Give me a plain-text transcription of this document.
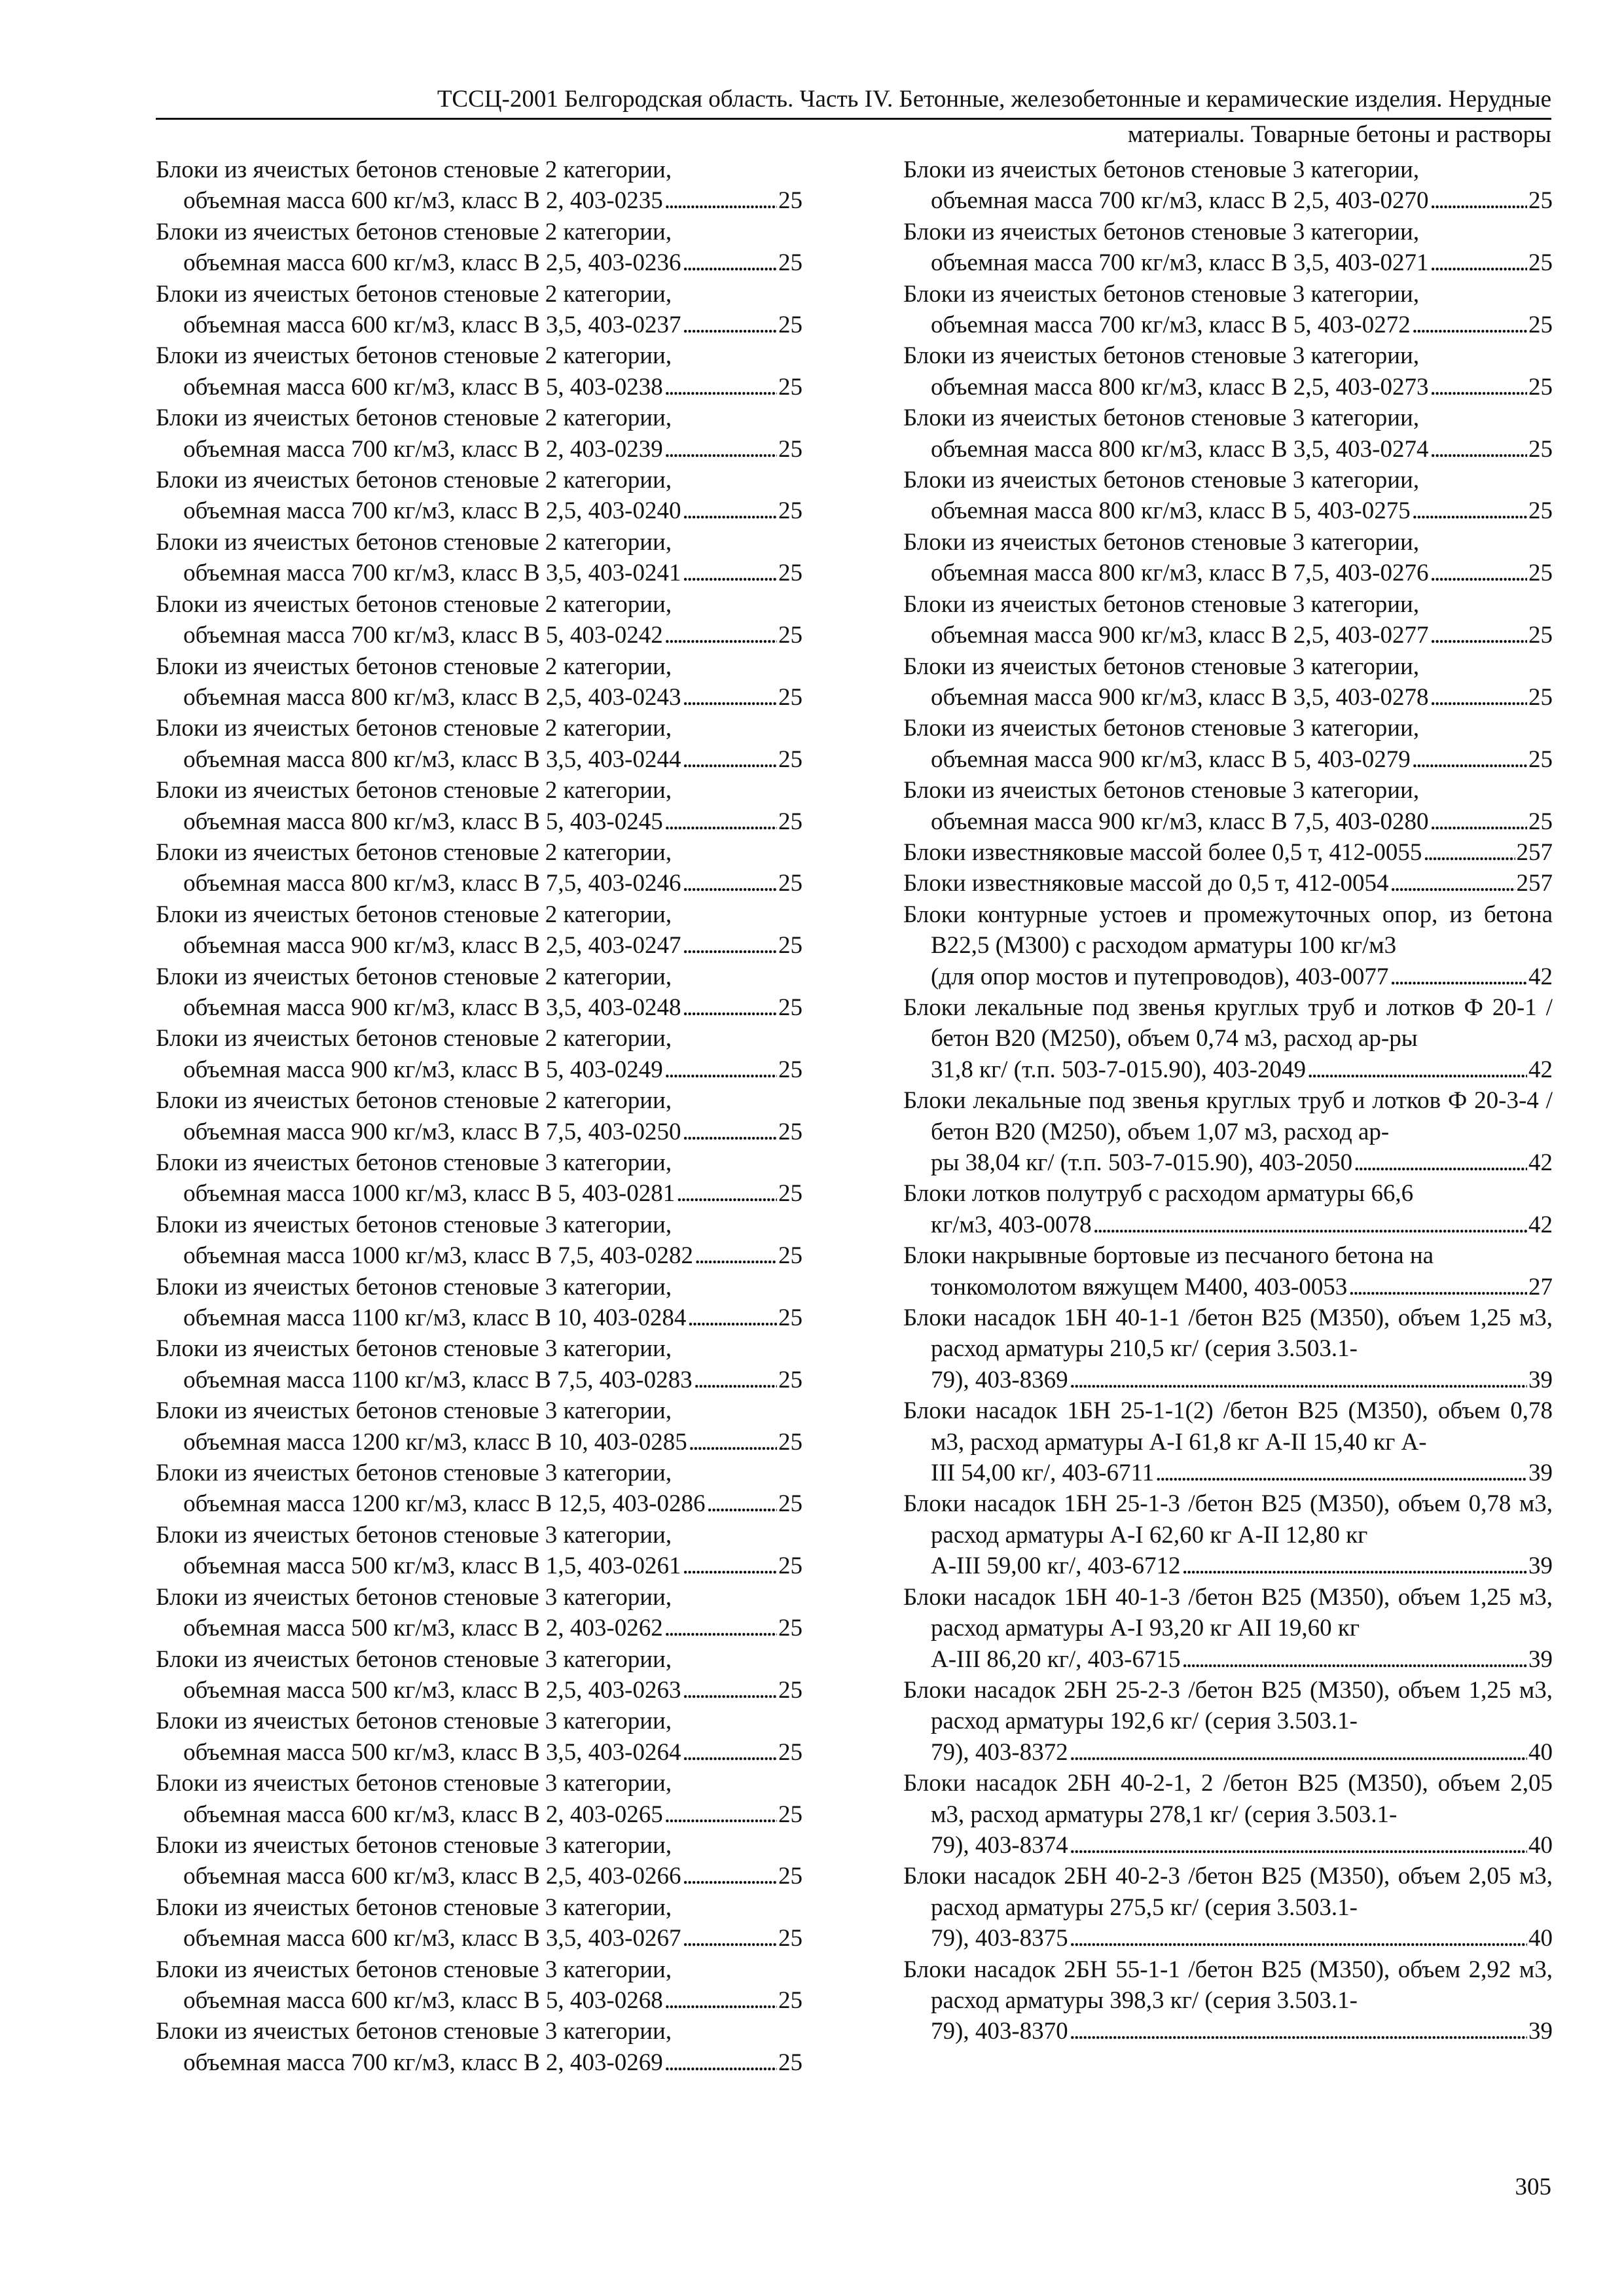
ТССЦ-2001 Белгородская область. Часть IV. Бетонные, железобетонные и керамические изделия. Нерудные
материалы. Товарные бетоны и растворы
Блоки из ячеистых бетонов стеновые 2 категории,
объемная масса 600 кг/м3, класс В 2, 403-0235 . . .	25
Блоки из ячеистых бетонов стеновые 2 категории,
объемная масса 600 кг/м3, класс В 2,5, 403-0236 . . .	25
Блоки из ячеистых бетонов стеновые 2 категории,
объемная масса 600 кг/м3, класс В 3,5, 403-0237 . . .	25
Блоки из ячеистых бетонов стеновые 2 категории,
объемная масса 600 кг/м3, класс В 5, 403-0238 . . .	25
Блоки из ячеистых бетонов стеновые 2 категории,
объемная масса 700 кг/м3, класс В 2, 403-0239 . . .	25
Блоки из ячеистых бетонов стеновые 2 категории,
объемная масса 700 кг/м3, класс В 2,5, 403-0240 . . .	25
Блоки из ячеистых бетонов стеновые 2 категории,
объемная масса 700 кг/м3, класс В 3,5, 403-0241 . . .	25
Блоки из ячеистых бетонов стеновые 2 категории,
объемная масса 700 кг/м3, класс В 5, 403-0242 . . .	25
Блоки из ячеистых бетонов стеновые 2 категории,
объемная масса 800 кг/м3, класс В 2,5, 403-0243 . . .	25
Блоки из ячеистых бетонов стеновые 2 категории,
объемная масса 800 кг/м3, класс В 3,5, 403-0244 . . .	25
Блоки из ячеистых бетонов стеновые 2 категории,
объемная масса 800 кг/м3, класс В 5, 403-0245 . . .	25
Блоки из ячеистых бетонов стеновые 2 категории,
объемная масса 800 кг/м3, класс В 7,5, 403-0246 . . .	25
Блоки из ячеистых бетонов стеновые 2 категории,
объемная масса 900 кг/м3, класс В 2,5, 403-0247 . . .	25
Блоки из ячеистых бетонов стеновые 2 категории,
объемная масса 900 кг/м3, класс В 3,5, 403-0248 . . .	25
Блоки из ячеистых бетонов стеновые 2 категории,
объемная масса 900 кг/м3, класс В 5, 403-0249 . . .	25
Блоки из ячеистых бетонов стеновые 2 категории,
объемная масса 900 кг/м3, класс В 7,5, 403-0250 . . .	25
Блоки из ячеистых бетонов стеновые 3 категории,
объемная масса 1000 кг/м3, класс В 5, 403-0281 . . .	25
Блоки из ячеистых бетонов стеновые 3 категории,
объемная масса 1000 кг/м3, класс В 7,5, 403-0282 . . .	25
Блоки из ячеистых бетонов стеновые 3 категории,
объемная масса 1100 кг/м3, класс В 10, 403-0284 . . .	25
Блоки из ячеистых бетонов стеновые 3 категории,
объемная масса 1100 кг/м3, класс В 7,5, 403-0283 . . .	25
Блоки из ячеистых бетонов стеновые 3 категории,
объемная масса 1200 кг/м3, класс В 10, 403-0285 . . .	25
Блоки из ячеистых бетонов стеновые 3 категории,
объемная масса 1200 кг/м3, класс В 12,5, 403-0286 . . .	25
Блоки из ячеистых бетонов стеновые 3 категории,
объемная масса 500 кг/м3, класс В 1,5, 403-0261 . . .	25
Блоки из ячеистых бетонов стеновые 3 категории,
объемная масса 500 кг/м3, класс В 2, 403-0262 . . .	25
Блоки из ячеистых бетонов стеновые 3 категории,
объемная масса 500 кг/м3, класс В 2,5, 403-0263 . . .	25
Блоки из ячеистых бетонов стеновые 3 категории,
объемная масса 500 кг/м3, класс В 3,5, 403-0264 . . .	25
Блоки из ячеистых бетонов стеновые 3 категории,
объемная масса 600 кг/м3, класс В 2, 403-0265 . . .	25
Блоки из ячеистых бетонов стеновые 3 категории,
объемная масса 600 кг/м3, класс В 2,5, 403-0266 . . .	25
Блоки из ячеистых бетонов стеновые 3 категории,
объемная масса 600 кг/м3, класс В 3,5, 403-0267 . . .	25
Блоки из ячеистых бетонов стеновые 3 категории,
объемная масса 600 кг/м3, класс В 5, 403-0268 . . .	25
Блоки из ячеистых бетонов стеновые 3 категории,
объемная масса 700 кг/м3, класс В 2, 403-0269 . . .	25
Блоки из ячеистых бетонов стеновые 3 категории,
объемная масса 700 кг/м3, класс В 2,5, 403-0270 . . .	25
Блоки из ячеистых бетонов стеновые 3 категории,
объемная масса 700 кг/м3, класс В 3,5, 403-0271 . . .	25
Блоки из ячеистых бетонов стеновые 3 категории,
объемная масса 700 кг/м3, класс В 5, 403-0272 . . .	25
Блоки из ячеистых бетонов стеновые 3 категории,
объемная масса 800 кг/м3, класс В 2,5, 403-0273 . . .	25
Блоки из ячеистых бетонов стеновые 3 категории,
объемная масса 800 кг/м3, класс В 3,5, 403-0274 . . .	25
Блоки из ячеистых бетонов стеновые 3 категории,
объемная масса 800 кг/м3, класс В 5, 403-0275 . . .	25
Блоки из ячеистых бетонов стеновые 3 категории,
объемная масса 800 кг/м3, класс В 7,5, 403-0276 . . .	25
Блоки из ячеистых бетонов стеновые 3 категории,
объемная масса 900 кг/м3, класс В 2,5, 403-0277 . . .	25
Блоки из ячеистых бетонов стеновые 3 категории,
объемная масса 900 кг/м3, класс В 3,5, 403-0278 . . .	25
Блоки из ячеистых бетонов стеновые 3 категории,
объемная масса 900 кг/м3, класс В 5, 403-0279 . . .	25
Блоки из ячеистых бетонов стеновые 3 категории,
объемная масса 900 кг/м3, класс В 7,5, 403-0280 . . .	25
Блоки известняковые массой более 0,5 т, 412-0055 . . .	257
Блоки известняковые массой до 0,5 т, 412-0054 . . .	257
Блоки контурные устоев и промежуточных опор, из бетона В22,5 (М300) с расходом арматуры 100 кг/м3
(для опор мостов и путепроводов), 403-0077 . . .	42
Блоки лекальные под звенья круглых труб и лотков Ф 20-1 /бетон В20 (М250), объем 0,74 м3, расход ар-ры
31,8 кг/ (т.п. 503-7-015.90), 403-2049 . . .	42
Блоки лекальные под звенья круглых труб и лотков Ф 20-3-4 /бетон В20 (М250), объем 1,07 м3, расход ар-
ры 38,04 кг/ (т.п. 503-7-015.90), 403-2050 . . .	42
Блоки лотков полутруб с расходом арматуры 66,6
кг/м3, 403-0078 . . .	42
Блоки накрывные бортовые из песчаного бетона на
тонкомолотом вяжущем М400, 403-0053 . . .	27
Блоки насадок 1БН 40-1-1 /бетон В25 (М350), объем 1,25 м3, расход арматуры 210,5 кг/ (серия 3.503.1-
79), 403-8369 . . .	39
Блоки насадок 1БН 25-1-1(2) /бетон В25 (М350), объем 0,78 м3, расход арматуры А-I 61,8 кг А-II 15,40 кг А-
III 54,00 кг/, 403-6711 . . .	39
Блоки насадок 1БН 25-1-3 /бетон В25 (М350), объем 0,78 м3, расход арматуры А-I 62,60 кг А-II 12,80 кг
А-III 59,00 кг/, 403-6712 . . .	39
Блоки насадок 1БН 40-1-3 /бетон В25 (М350), объем 1,25 м3, расход арматуры А-I 93,20 кг АII 19,60 кг
А-III 86,20 кг/, 403-6715 . . .	39
Блоки насадок 2БН 25-2-3 /бетон В25 (М350), объем 1,25 м3, расход арматуры 192,6 кг/ (серия 3.503.1-
79), 403-8372 . . .	40
Блоки насадок 2БН 40-2-1, 2 /бетон В25 (М350), объем 2,05 м3, расход арматуры 278,1 кг/ (серия 3.503.1-
79), 403-8374 . . .	40
Блоки насадок 2БН 40-2-3 /бетон В25 (М350), объем 2,05 м3, расход арматуры 275,5 кг/ (серия 3.503.1-
79), 403-8375 . . .	40
Блоки насадок 2БН 55-1-1 /бетон В25 (М350), объем 2,92 м3, расход арматуры 398,3 кг/ (серия 3.503.1-
79), 403-8370 . . .	39
305
